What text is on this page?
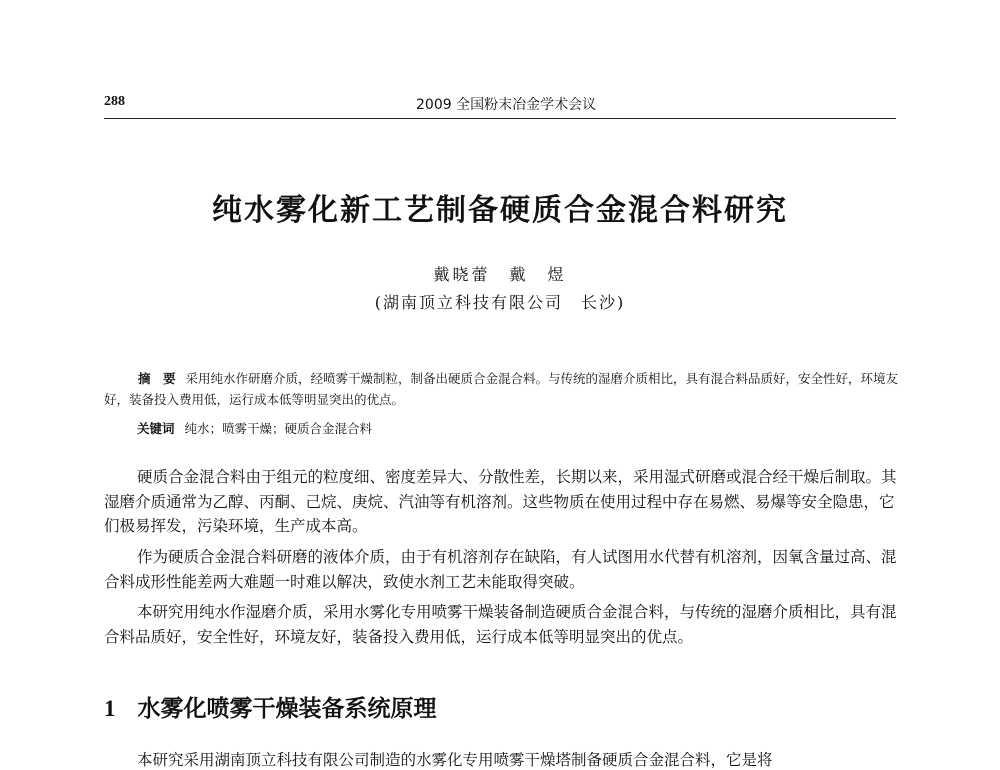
288	2009 全国粉末冶金学术会议
纯水雾化新工艺制备硬质合金混合料研究
戴晓蕾　戴　煜
(湖南顶立科技有限公司　长沙)
摘　要 采用纯水作研磨介质，经喷雾干燥制粒，制备出硬质合金混合料。与传统的湿磨介质相比，具有混合料品质好，安全性好，环境友好，装备投入费用低，运行成本低等明显突出的优点。
关键词 纯水；喷雾干燥；硬质合金混合料

硬质合金混合料由于组元的粒度细、密度差异大、分散性差，长期以来，采用湿式研磨或混合经干燥后制取。其湿磨介质通常为乙醇、丙酮、己烷、庚烷、汽油等有机溶剂。这些物质在使用过程中存在易燃、易爆等安全隐患，它们极易挥发，污染环境，生产成本高。

作为硬质合金混合料研磨的液体介质，由于有机溶剂存在缺陷，有人试图用水代替有机溶剂，因氧含量过高、混合料成形性能差两大难题一时难以解决，致使水剂工艺未能取得突破。

本研究用纯水作湿磨介质，采用水雾化专用喷雾干燥装备制造硬质合金混合料，与传统的湿磨介质相比，具有混合料品质好，安全性好，环境友好，装备投入费用低，运行成本低等明显突出的优点。

1 水雾化喷雾干燥装备系统原理
本研究采用湖南顶立科技有限公司制造的水雾化专用喷雾干燥塔制备硬质合金混合料，它是将
